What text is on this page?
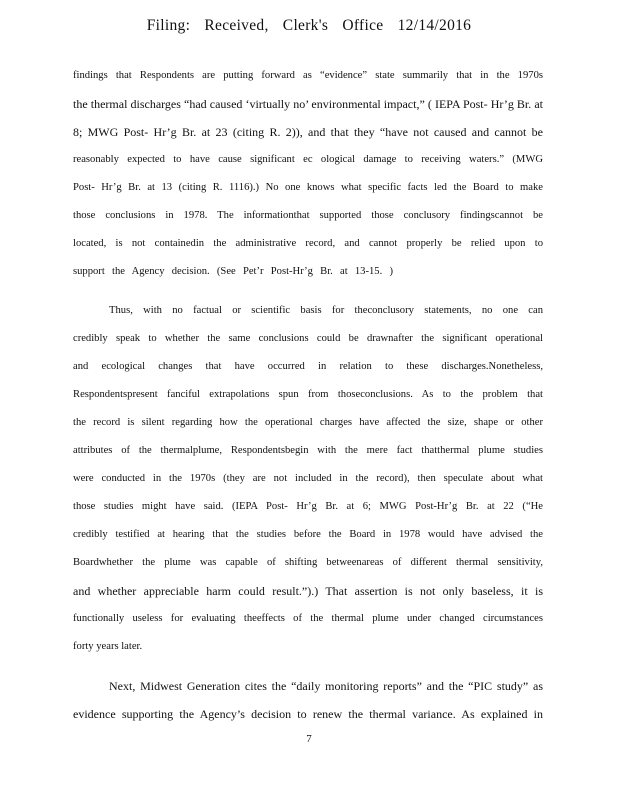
Filing: Received, Clerk's Office 12/14/2016
findings that Respondents are putting forward as “evidence” state summarily that in the 1970s
the thermal discharges “had caused ‘virtually no’ environmental impact,” ( IEPA Post- Hr’g Br. at
8; MWG Post- Hr’g Br. at 23 (citing R. 2)), and that they “have not caused and cannot be
reasonably expected to have cause significant ec ological damage to receiving waters.” (MWG
Post- Hr’g Br. at 13 (citing R. 1116).) No one knows what specific facts led the Board to make
those conclusions in 1978. The informationthat supported those conclusory findingscannot be
located, is not containedin the administrative record, and cannot properly be relied upon to
support the Agency decision. (See Pet’r Post-Hr’g Br. at 13-15. )
Thus, with no factual or scientific basis for theconclusory statements, no one can
credibly speak to whether the same conclusions could be drawnafter the significant operational
and ecological changes that have occurred in relation to these discharges.Nonetheless,
Respondentspresent fanciful extrapolations spun from thoseconclusions. As to the problem that
the record is silent regarding how the operational charges have affected the size, shape or other
attributes of the thermalplume, Respondentsbegin with the mere fact thatthermal plume studies
were conducted in the 1970s (they are not included in the record), then speculate about what
those studies might have said. (IEPA Post- Hr’g Br. at 6; MWG Post-Hr’g Br. at 22 (“He
credibly testified at hearing that the studies before the Board in 1978 would have advised the
Boardwhether the plume was capable of shifting betweenareas of different thermal sensitivity,
and whether appreciable harm could result.”).) That assertion is not only baseless, it is
functionally useless for evaluating theeffects of the thermal plume under changed circumstances
forty years later.
Next, Midwest Generation cites the “daily monitoring reports” and the “PIC study” as
evidence supporting the Agency’s decision to renew the thermal variance. As explained in
7
